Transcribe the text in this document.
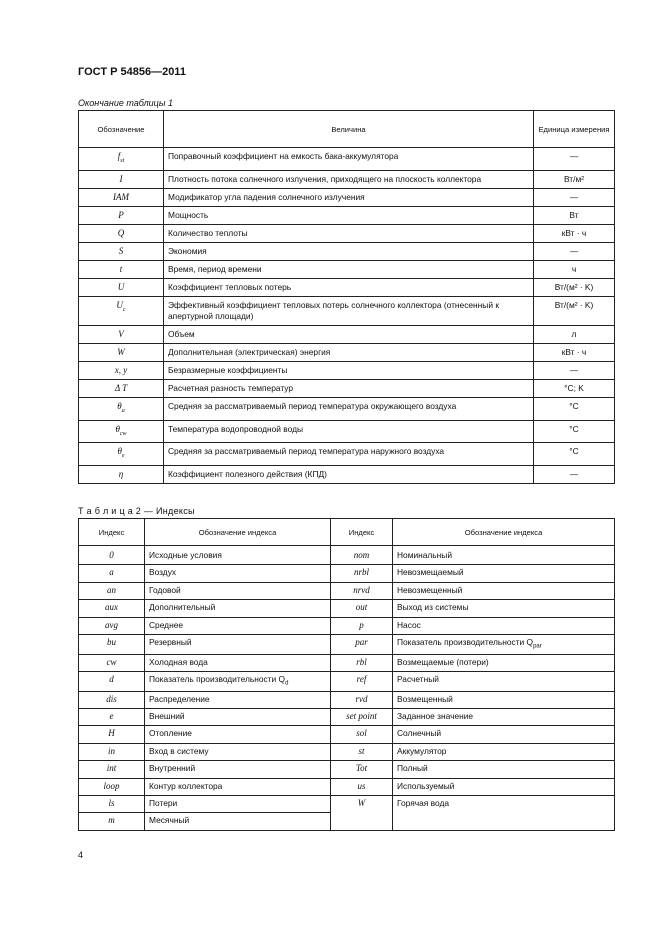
ГОСТ Р 54856—2011
Окончание таблицы 1
Обозначение	Величина	Единица измерения
$f_{st}$	Поправочный коэффициент на емкость бака-аккумулятора	—
I	Плотность потока солнечного излучения, приходящего на плоскость коллектора	Вт/м²
IAM	Модификатор угла падения солнечного излучения	—
P	Мощность	Вт
Q	Количество теплоты	кВт · ч
S	Экономия	—
t	Время, период времени	ч
U	Коэффициент тепловых потерь	Вт/(м² · K)
$U_c$	Эффективный коэффициент тепловых потерь солнечного коллектора (отнесенный к апертурной площади)	Вт/(м² · K)
V	Объем	л
W	Дополнительная (электрическая) энергия	кВт · ч
x, y	Безразмерные коэффициенты	—
Δ T	Расчетная разность температур	°C; K
$\theta_a$	Средняя за рассматриваемый период температура окружающего воздуха	°C
$\theta_{cw}$	Температура водопроводной воды	°C
$\theta_e$	Средняя за рассматриваемый период температура наружного воздуха	°C
η	Коэффициент полезного действия (КПД)	—
Т а б л и ц а 2 — Индексы
Индекс	Обозначение индекса	Индекс	Обозначение индекса
0	Исходные условия	nom	Номинальный
a	Воздух	nrbl	Невозмещаемый
an	Годовой	nrvd	Невозмещенный
aux	Дополнительный	out	Выход из системы
avg	Среднее	p	Насос
bu	Резервный	par	Показатель производительности $Q_{par}$
cw	Холодная вода	rbl	Возмещаемые (потери)
d	Показатель производительности $Q_d$	ref	Расчетный
dis	Распределение	rvd	Возмещенный
e	Внешний	set point	Заданное значение
H	Отопление	sol	Солнечный
in	Вход в систему	st	Аккумулятор
int	Внутренний	Tot	Полный
loop	Контур коллектора	us	Используемый
ls	Потери	W	Горячая вода
m	Месячный		
4
